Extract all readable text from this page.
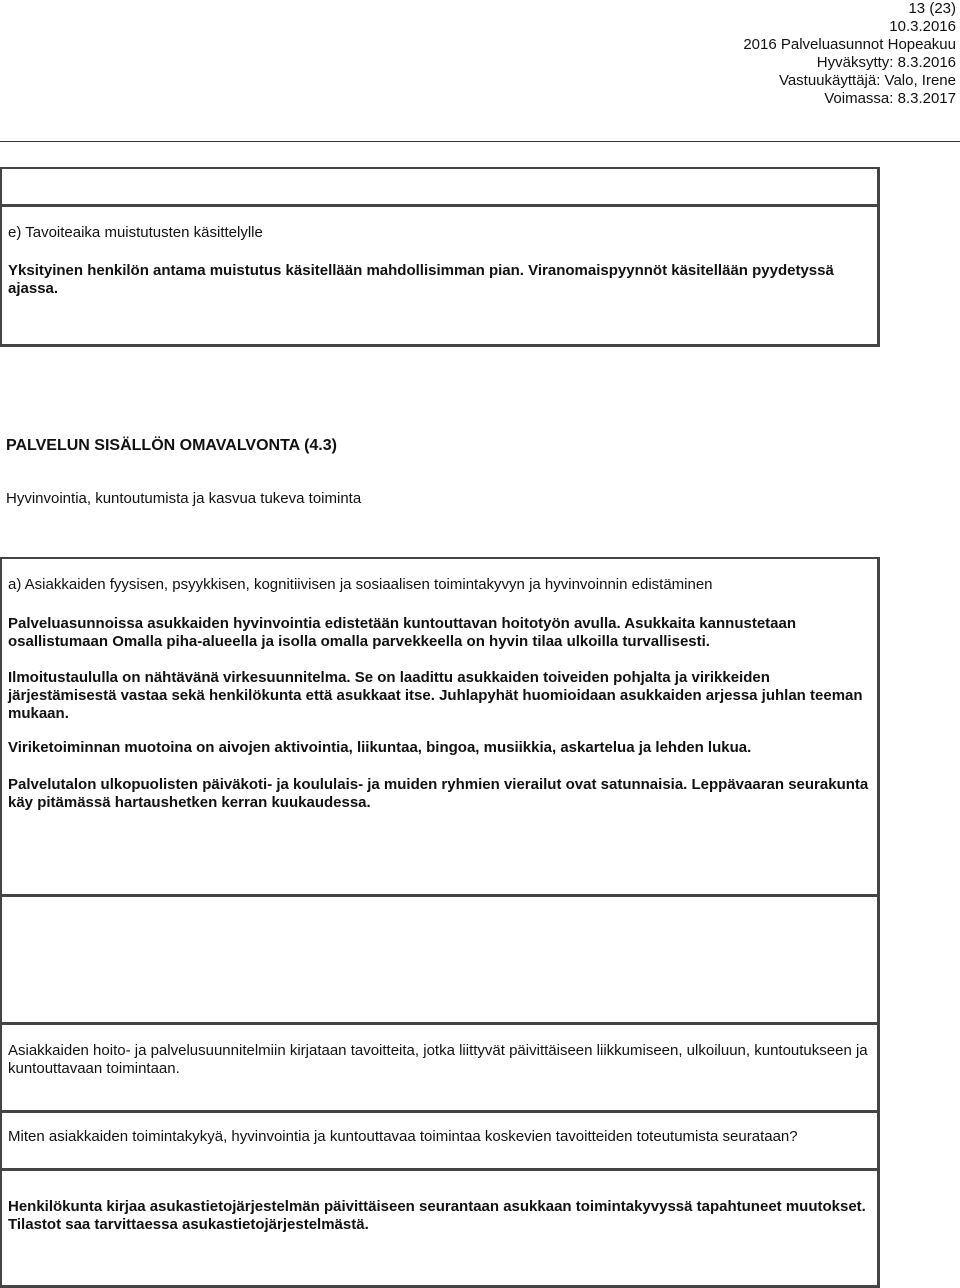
13 (23)
10.3.2016
2016 Palveluasunnot Hopeakuu
Hyväksytty: 8.3.2016
Vastuukäyttäjä: Valo, Irene
Voimassa: 8.3.2017
e) Tavoiteaika muistutusten käsittelylle
Yksityinen henkilön antama muistutus käsitellään mahdollisimman pian. Viranomaispyynnöt käsitellään pyydetyssä
ajassa.
PALVELUN SISÄLLÖN OMAVALVONTA (4.3)
Hyvinvointia, kuntoutumista ja kasvua tukeva toiminta
a) Asiakkaiden fyysisen, psyykkisen, kognitiivisen ja sosiaalisen toimintakyvyn ja hyvinvoinnin edistäminen
Palveluasunnoissa asukkaiden hyvinvointia edistetään kuntouttavan hoitotyön avulla. Asukkaita kannustetaan
osallistumaan Omalla piha-alueella ja isolla omalla parvekkeella on hyvin tilaa ulkoilla turvallisesti.
Ilmoitustaululla on nähtävänä virkesuunnitelma. Se on laadittu asukkaiden toiveiden pohjalta ja virikkeiden
järjestämisestä vastaa sekä henkilökunta että asukkaat itse. Juhlapyhät huomioidaan asukkaiden arjessa juhlan teeman
mukaan.
Viriketoiminnan muotoina on aivojen aktivointia, liikuntaa, bingoa, musiikkia, askartelua ja lehden lukua.
Palvelutalon ulkopuolisten päiväkoti- ja koululais- ja muiden ryhmien vierailut ovat satunnaisia. Leppävaaran seurakunta
käy pitämässä hartaushetken kerran kuukaudessa.
Asiakkaiden hoito- ja palvelusuunnitelmiin kirjataan tavoitteita, jotka liittyvät päivittäiseen liikkumiseen, ulkoiluun, kuntoutukseen ja
kuntouttavaan toimintaan.
Miten asiakkaiden toimintakykyä, hyvinvointia ja kuntouttavaa toimintaa koskevien tavoitteiden toteutumista seurataan?
Henkilökunta kirjaa asukastietojärjestelmän päivittäiseen seurantaan asukkaan toimintakyvyssä tapahtuneet muutokset.
Tilastot saa tarvittaessa asukastietojärjestelmästä.
